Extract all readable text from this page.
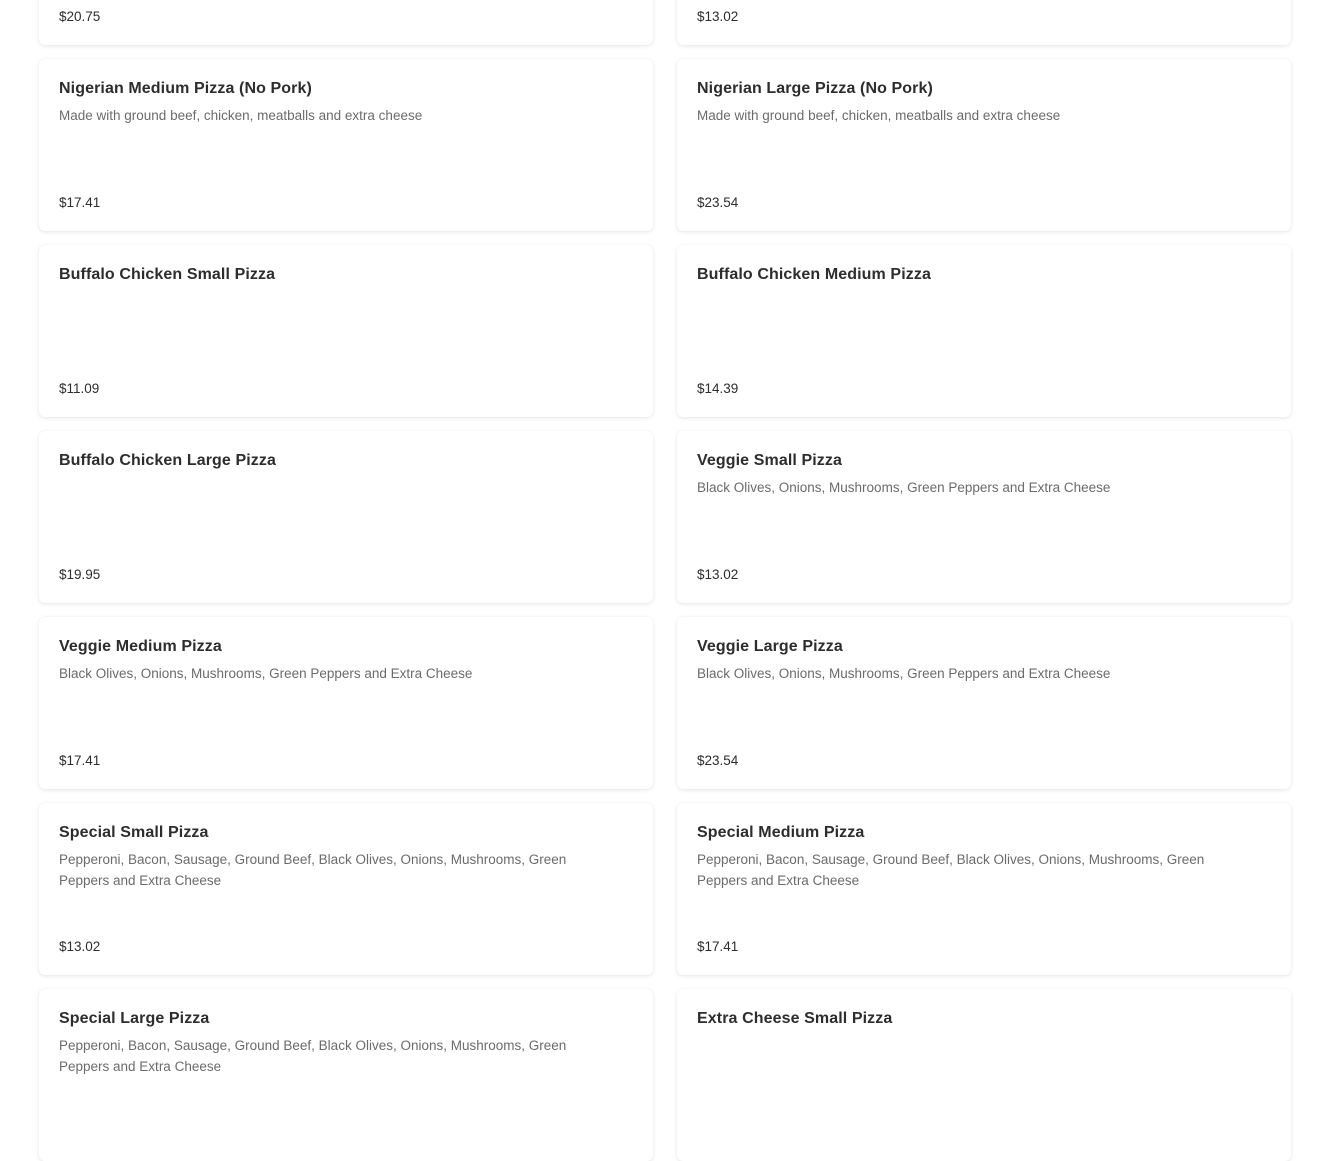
$20.75	$13.02
Nigerian Medium Pizza (No Pork)
Made with ground beef, chicken, meatballs and extra cheese
$17.41
Nigerian Large Pizza (No Pork)
Made with ground beef, chicken, meatballs and extra cheese
$23.54
Buffalo Chicken Small Pizza
$11.09
Buffalo Chicken Medium Pizza
$14.39
Buffalo Chicken Large Pizza
$19.95
Veggie Small Pizza
Black Olives, Onions, Mushrooms, Green Peppers and Extra Cheese
$13.02
Veggie Medium Pizza
Black Olives, Onions, Mushrooms, Green Peppers and Extra Cheese
$17.41
Veggie Large Pizza
Black Olives, Onions, Mushrooms, Green Peppers and Extra Cheese
$23.54
Special Small Pizza
Pepperoni, Bacon, Sausage, Ground Beef, Black Olives, Onions, Mushrooms, Green Peppers and Extra Cheese
$13.02
Special Medium Pizza
Pepperoni, Bacon, Sausage, Ground Beef, Black Olives, Onions, Mushrooms, Green Peppers and Extra Cheese
$17.41
Special Large Pizza
Pepperoni, Bacon, Sausage, Ground Beef, Black Olives, Onions, Mushrooms, Green Peppers and Extra Cheese
Extra Cheese Small Pizza
